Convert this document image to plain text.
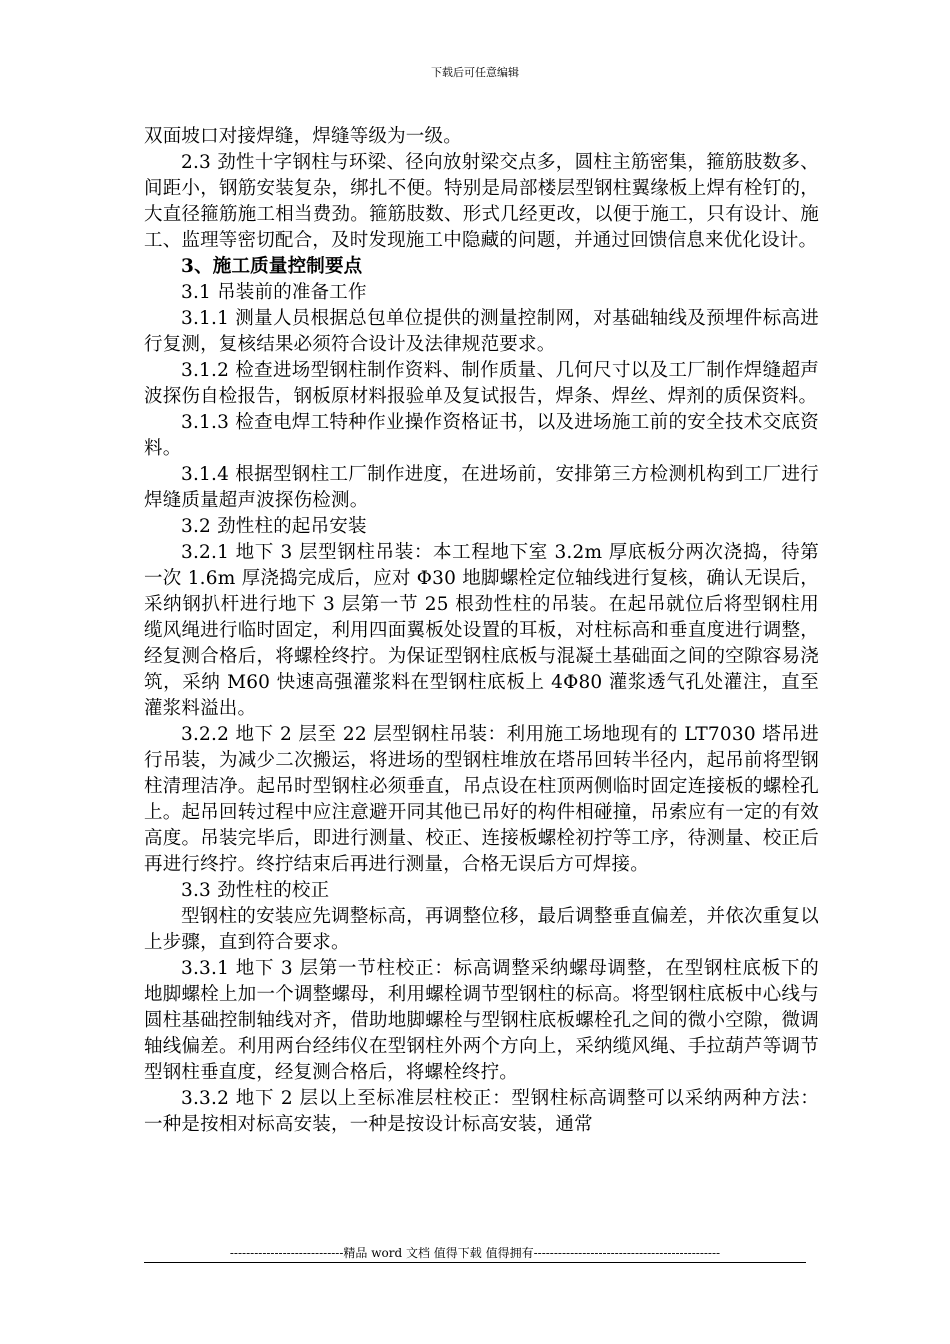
下载后可任意编辑

双面坡口对接焊缝，焊缝等级为一级。

2.3 劲性十字钢柱与环梁、径向放射梁交点多，圆柱主筋密集，箍筋肢数多、间距小，钢筋安装复杂，绑扎不便。特别是局部楼层型钢柱翼缘板上焊有栓钉的，大直径箍筋施工相当费劲。箍筋肢数、形式几经更改，以便于施工，只有设计、施工、监理等密切配合，及时发现施工中隐藏的问题，并通过回馈信息来优化设计。

3、施工质量控制要点

3.1 吊装前的准备工作

3.1.1 测量人员根据总包单位提供的测量控制网，对基础轴线及预埋件标高进行复测，复核结果必须符合设计及法律规范要求。

3.1.2 检查进场型钢柱制作资料、制作质量、几何尺寸以及工厂制作焊缝超声波探伤自检报告，钢板原材料报验单及复试报告，焊条、焊丝、焊剂的质保资料。

3.1.3 检查电焊工特种作业操作资格证书，以及进场施工前的安全技术交底资料。

3.1.4 根据型钢柱工厂制作进度，在进场前，安排第三方检测机构到工厂进行焊缝质量超声波探伤检测。

3.2 劲性柱的起吊安装

3.2.1 地下 3 层型钢柱吊装：本工程地下室 3.2m 厚底板分两次浇捣，待第一次 1.6m 厚浇捣完成后，应对 Φ30 地脚螺栓定位轴线进行复核，确认无误后，采纳钢扒杆进行地下 3 层第一节 25 根劲性柱的吊装。在起吊就位后将型钢柱用缆风绳进行临时固定，利用四面翼板处设置的耳板，对柱标高和垂直度进行调整，经复测合格后，将螺栓终拧。为保证型钢柱底板与混凝土基础面之间的空隙容易浇筑，采纳 M60 快速高强灌浆料在型钢柱底板上 4Φ80 灌浆透气孔处灌注，直至灌浆料溢出。

3.2.2 地下 2 层至 22 层型钢柱吊装：利用施工场地现有的 LT7030 塔吊进行吊装，为减少二次搬运，将进场的型钢柱堆放在塔吊回转半径内，起吊前将型钢柱清理洁净。起吊时型钢柱必须垂直，吊点设在柱顶两侧临时固定连接板的螺栓孔上。起吊回转过程中应注意避开同其他已吊好的构件相碰撞，吊索应有一定的有效高度。吊装完毕后，即进行测量、校正、连接板螺栓初拧等工序，待测量、校正后再进行终拧。终拧结束后再进行测量，合格无误后方可焊接。

3.3 劲性柱的校正

型钢柱的安装应先调整标高，再调整位移，最后调整垂直偏差，并依次重复以上步骤，直到符合要求。

3.3.1 地下 3 层第一节柱校正：标高调整采纳螺母调整，在型钢柱底板下的地脚螺栓上加一个调整螺母，利用螺栓调节型钢柱的标高。将型钢柱底板中心线与圆柱基础控制轴线对齐，借助地脚螺栓与型钢柱底板螺栓孔之间的微小空隙，微调轴线偏差。利用两台经纬仪在型钢柱外两个方向上，采纳缆风绳、手拉葫芦等调节型钢柱垂直度，经复测合格后，将螺栓终拧。

3.3.2 地下 2 层以上至标准层柱校正：型钢柱标高调整可以采纳两种方法：一种是按相对标高安装，一种是按设计标高安装，通常

----------------------------精品 word 文档 值得下载 值得拥有----------------------------------------------
